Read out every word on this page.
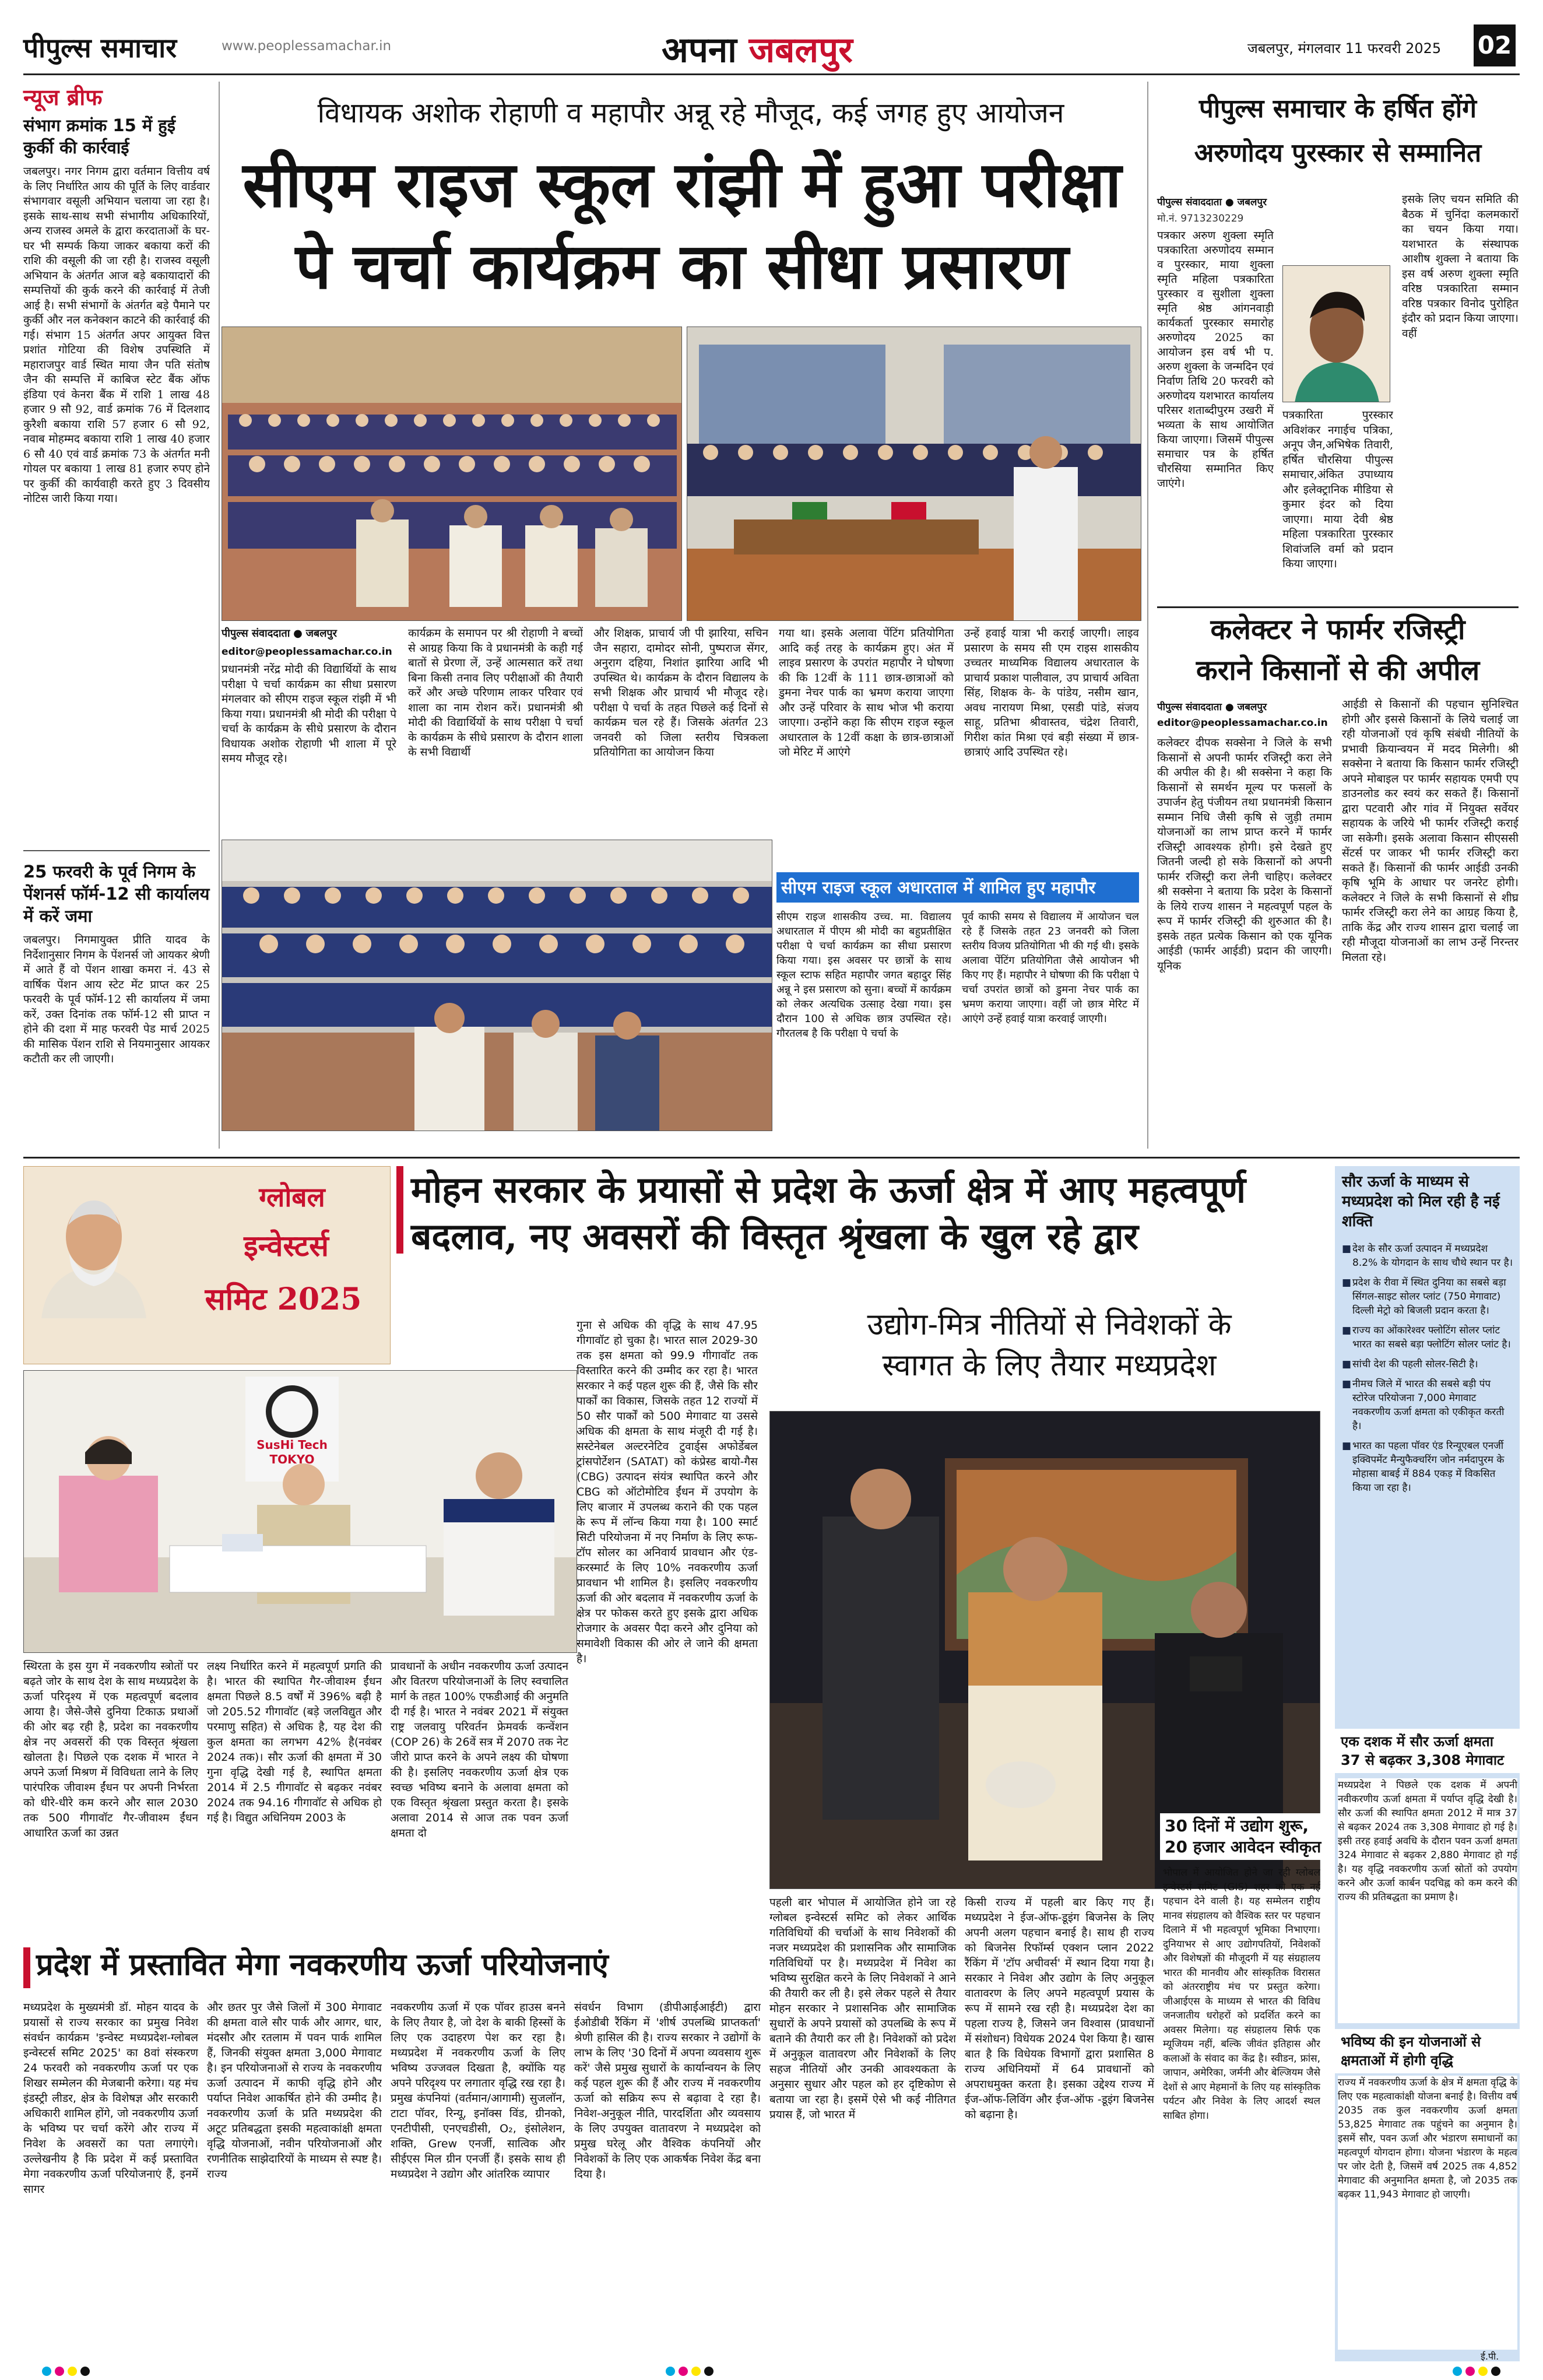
पीपुल्स समाचार	www.peoplessamachar.in	अपना जबलपुर	जबलपुर, मंगलवार 11 फरवरी 2025 02
न्यूज ब्रीफ
संभाग क्रमांक 15 में हुई कुर्की की कार्रवाई
जबलपुर। नगर निगम द्वारा वर्तमान वित्तीय वर्ष के लिए निर्धारित आय की पूर्ति के लिए वार्डवार संभागवार वसूली अभियान चलाया जा रहा है। इसके साथ-साथ सभी संभागीय अधिकारियों, अन्य राजस्व अमले के द्वारा करदाताओं के घर-घर भी सम्पर्क किया जाकर बकाया करों की राशि की वसूली की जा रही है। राजस्व वसूली अभियान के अंतर्गत आज बड़े बकायादारों की सम्पत्तियों की कुर्क करने की कार्रवाई में तेजी आई है। सभी संभागों के अंतर्गत बड़े पैमाने पर कुर्की और नल कनेक्शन काटने की कार्रवाई की गई। संभाग 15 अंतर्गत अपर आयुक्त वित्त प्रशांत गोटिया की विशेष उपस्थिति में महाराजपुर वार्ड स्थित माया जैन पति संतोष जैन की सम्पत्ति में काबिज स्टेट बैंक ऑफ इंडिया एवं केनरा बैंक में राशि 1 लाख 48 हजार 9 सौ 92, वार्ड क्रमांक 76 में दिलशाद कुरैशी बकाया राशि 57 हजार 6 सौ 92, नवाब मोहम्मद बकाया राशि 1 लाख 40 हजार 6 सौ 40 एवं वार्ड क्रमांक 73 के अंतर्गत मनी गोयल पर बकाया 1 लाख 81 हजार रुपए होने पर कुर्की की कार्यवाही करते हुए 3 दिवसीय नोटिस जारी किया गया।
25 फरवरी के पूर्व निगम के पेंशनर्स फॉर्म-12 सी कार्यालय में करें जमा
जबलपुर। निगमायुक्त प्रीति यादव के निर्देशानुसार निगम के पेंशनर्स जो आयकर श्रेणी में आते हैं वो पेंशन शाखा कमरा नं. 43 से वार्षिक पेंशन आय स्टेट मेंट प्राप्त कर 25 फरवरी के पूर्व फॉर्म-12 सी कार्यालय में जमा करें, उक्त दिनांक तक फॉर्म-12 सी प्राप्त न होने की दशा में माह फरवरी पेड मार्च 2025 की मासिक पेंशन राशि से नियमानुसार आयकर कटौती कर ली जाएगी।
विधायक अशोक रोहाणी व महापौर अन्नू रहे मौजूद, कई जगह हुए आयोजन
सीएम राइज स्कूल रांझी में हुआ परीक्षा
पे चर्चा कार्यक्रम का सीधा प्रसारण
पीपुल्स संवाददाता ● जबलपुर
editor@peoplessamachar.co.in
प्रधानमंत्री नरेंद्र मोदी की विद्यार्थियों के साथ परीक्षा पे चर्चा कार्यक्रम का सीधा प्रसारण मंगलवार को सीएम राइज स्कूल रांझी में भी किया गया। प्रधानमंत्री श्री मोदी की परीक्षा पे चर्चा के कार्यक्रम के सीधे प्रसारण के दौरान विधायक अशोक रोहाणी भी शाला में पूरे समय मौजूद रहे।
कार्यक्रम के समापन पर श्री रोहाणी ने बच्चों से आग्रह किया कि वे प्रधानमंत्री के कही गई बातों से प्रेरणा लें, उन्हें आत्मसात करें तथा बिना किसी तनाव लिए परीक्षाओं की तैयारी करें और अच्छे परिणाम लाकर परिवार एवं शाला का नाम रोशन करें। प्रधानमंत्री श्री मोदी की विद्यार्थियों के साथ परीक्षा पे चर्चा के कार्यक्रम के सीधे प्रसारण के दौरान शाला के सभी विद्यार्थी
और शिक्षक, प्राचार्य जी पी झारिया, सचिन जैन सहारा, दामोदर सोनी, पुष्पराज सेंगर, अनुराग दहिया, निशांत झारिया आदि भी उपस्थित थे। कार्यक्रम के दौरान विद्यालय के सभी शिक्षक और प्राचार्य भी मौजूद रहे। परीक्षा पे चर्चा के तहत पिछले कई दिनों से कार्यक्रम चल रहे हैं। जिसके अंतर्गत 23 जनवरी को जिला स्तरीय चित्रकला प्रतियोगिता का आयोजन किया
गया था। इसके अलावा पेंटिंग प्रतियोगिता आदि कई तरह के कार्यक्रम हुए। अंत में लाइव प्रसारण के उपरांत महापौर ने घोषणा की कि 12वीं के 111 छात्र-छात्राओं को डुमना नेचर पार्क का भ्रमण कराया जाएगा और उन्हें परिवार के साथ भोज भी कराया जाएगा। उन्होंने कहा कि सीएम राइज स्कूल अधारताल के 12वीं कक्षा के छात्र-छात्राओं जो मेरिट में आएंगे
उन्हें हवाई यात्रा भी कराई जाएगी। लाइव प्रसारण के समय सी एम राइस शासकीय उच्चतर माध्यमिक विद्यालय अधारताल के प्राचार्य प्रकाश पालीवाल, उप प्राचार्य अविता सिंह, शिक्षक के- के पांडेय, नसीम खान, अवध नारायण मिश्रा, एसडी पांडे, संजय साहू, प्रतिभा श्रीवास्तव, चंद्रेश तिवारी, गिरीश कांत मिश्रा एवं बड़ी संख्या में छात्र-छात्राएं आदि उपस्थित रहे।
सीएम राइज स्कूल अधारताल में शामिल हुए महापौर
सीएम राइज शासकीय उच्च. मा. विद्यालय अधारताल में पीएम श्री मोदी का बहुप्रतीक्षित परीक्षा पे चर्चा कार्यक्रम का सीधा प्रसारण किया गया। इस अवसर पर छात्रों के साथ स्कूल स्टाफ सहित महापौर जगत बहादुर सिंह अन्नू ने इस प्रसारण को सुना। बच्चों में कार्यक्रम को लेकर अत्यधिक उत्साह देखा गया। इस दौरान 100 से अधिक छात्र उपस्थित रहे। गौरतलब है कि परीक्षा पे चर्चा के
पूर्व काफी समय से विद्यालय में आयोजन चल रहे हैं जिसके तहत 23 जनवरी को जिला स्तरीय विजय प्रतियोगिता भी की गई थी। इसके अलावा पेंटिंग प्रतियोगिता जैसे आयोजन भी किए गए हैं। महापौर ने घोषणा की कि परीक्षा पे चर्चा उपरांत छात्रों को डुमना नेचर पार्क का भ्रमण कराया जाएगा। वहीं जो छात्र मेरिट में आएंगे उन्हें हवाई यात्रा करवाई जाएगी।
पीपुल्स समाचार के हर्षित होंगे
अरुणोदय पुरस्कार से सम्मानित
पीपुल्स संवाददाता ● जबलपुर
मो.नं. 9713230229
पत्रकार अरुण शुक्ला स्मृति पत्रकारिता अरुणोदय सम्मान व पुरस्कार, माया शुक्ला स्मृति महिला पत्रकारिता पुरस्कार व सुशीला शुक्ला स्मृति श्रेष्ठ आंगनवाड़ी कार्यकर्ता पुरस्कार समारोह अरुणोदय 2025 का आयोजन इस वर्ष भी प. अरुण शुक्ला के जन्मदिन एवं निर्वाण तिथि 20 फरवरी को अरुणोदय यशभारत कार्यालय परिसर शताब्दीपुरम उखरी में भव्यता के साथ आयोजित किया जाएगा। जिसमें पीपुल्स समाचार पत्र के हर्षित चौरसिया सम्मानित किए जाएंगे।
पत्रकारिता पुरस्कार अविशंकर नगाईच पत्रिका, अनूप जैन,अभिषेक तिवारी, हर्षित चौरसिया पीपुल्स समाचार,अंकित उपाध्याय और इलेक्ट्रानिक मीडिया से कुमार इंदर को दिया जाएगा। माया देवी श्रेष्ठ महिला पत्रकारिता पुरस्कार शिवांजलि वर्मा को प्रदान किया जाएगा।
इसके लिए चयन समिति की बैठक में चुनिंदा कलमकारों का चयन किया गया। यशभारत के संस्थापक आशीष शुक्ला ने बताया कि इस वर्ष अरुण शुक्ला स्मृति वरिष्ठ पत्रकारिता सम्मान वरिष्ठ पत्रकार विनोद पुरोहित इंदौर को प्रदान किया जाएगा। वहीं
कलेक्टर ने फार्मर रजिस्ट्री
कराने किसानों से की अपील
पीपुल्स संवाददाता ● जबलपुर
editor@peoplessamachar.co.in
कलेक्टर दीपक सक्सेना ने जिले के सभी किसानों से अपनी फार्मर रजिस्ट्री करा लेने की अपील की है। श्री सक्सेना ने कहा कि किसानों से समर्थन मूल्य पर फसलों के उपार्जन हेतु पंजीयन तथा प्रधानमंत्री किसान सम्मान निधि जैसी कृषि से जुड़ी तमाम योजनाओं का लाभ प्राप्त करने में फार्मर रजिस्ट्री आवश्यक होगी। इसे देखते हुए जितनी जल्दी हो सके किसानों को अपनी फार्मर रजिस्ट्री करा लेनी चाहिए। कलेक्टर श्री सक्सेना ने बताया कि प्रदेश के किसानों के लिये राज्य शासन ने महत्वपूर्ण पहल के रूप में फार्मर रजिस्ट्री की शुरुआत की है। इसके तहत प्रत्येक किसान को एक यूनिक आईडी (फार्मर आईडी) प्रदान की जाएगी। यूनिक
आईडी से किसानों की पहचान सुनिश्चित होगी और इससे किसानों के लिये चलाई जा रही योजनाओं एवं कृषि संबंधी नीतियों के प्रभावी क्रियान्वयन में मदद मिलेगी। श्री सक्सेना ने बताया कि किसान फार्मर रजिस्ट्री अपने मोबाइल पर फार्मर सहायक एमपी एप डाउनलोड कर स्वयं कर सकते हैं। किसानों द्वारा पटवारी और गांव में नियुक्त सर्वेयर सहायक के जरिये भी फार्मर रजिस्ट्री कराई जा सकेगी। इसके अलावा किसान सीएससी सेंटर्स पर जाकर भी फार्मर रजिस्ट्री करा सकते हैं। किसानों की फार्मर आईडी उनकी कृषि भूमि के आधार पर जनरेट होगी। कलेक्टर ने जिले के सभी किसानों से शीघ्र फार्मर रजिस्ट्री करा लेने का आग्रह किया है, ताकि केंद्र और राज्य शासन द्वारा चलाई जा रही मौजूदा योजनाओं का लाभ उन्हें निरन्तर मिलता रहे।
ग्लोबल
इन्वेस्टर्स
समिट 2025
मोहन सरकार के प्रयासों से प्रदेश के ऊर्जा क्षेत्र में आए महत्वपूर्ण
बदलाव, नए अवसरों की विस्तृत श्रृंखला के खुल रहे द्वार
SusHi Tech
TOKYO
गुना से अधिक की वृद्धि के साथ 47.95 गीगावॉट हो चुका है। भारत साल 2029-30 तक इस क्षमता को 99.9 गीगावॉट तक विस्तारित करने की उम्मीद कर रहा है। भारत सरकार ने कई पहल शुरू की हैं, जैसे कि सौर पार्कों का विकास, जिसके तहत 12 राज्यों में 50 सौर पार्कों को 500 मेगावाट या उससे अधिक की क्षमता के साथ मंजूरी दी गई है। सस्टेनेबल अल्टरनेटिव टुवार्ड्स अफोर्डेबल ट्रांसपोर्टेशन (SATAT) को कंप्रेस्ड बायो-गैस (CBG) उत्पादन संयंत्र स्थापित करने और CBG को ऑटोमोटिव ईंधन में उपयोग के लिए बाजार में उपलब्ध कराने की एक पहल के रूप में लॉन्च किया गया है। 100 स्मार्ट सिटी परियोजना में नए निर्माण के लिए रूफ-टॉप सोलर का अनिवार्य प्रावधान और एंड-करस्मार्ट के लिए 10% नवकरणीय ऊर्जा प्रावधान भी शामिल है। इसलिए नवकरणीय ऊर्जा की ओर बदलाव में नवकरणीय ऊर्जा के क्षेत्र पर फोकस करते हुए इसके द्वारा अधिक रोजगार के अवसर पैदा करने और दुनिया को समावेशी विकास की ओर ले जाने की क्षमता है।
उद्योग-मित्र नीतियों से निवेशकों के
स्वागत के लिए तैयार मध्यप्रदेश
30 दिनों में उद्योग शुरू,
20 हजार आवेदन स्वीकृत
भोपाल में आयोजित होने जा रही ग्लोबल इन्वेस्टर्स समिट (GIS) शहर को एक नई पहचान देने वाली है। यह सम्मेलन राष्ट्रीय मानव संग्रहालय को वैश्विक स्तर पर पहचान दिलाने में भी महत्वपूर्ण भूमिका निभाएगा। दुनियाभर से आए उद्योगपतियों, निवेशकों और विशेषज्ञों की मौजूदगी में यह संग्रहालय भारत की मानवीय और सांस्कृतिक विरासत को अंतरराष्ट्रीय मंच पर प्रस्तुत करेगा। जीआईएस के माध्यम से भारत की विविध जनजातीय धरोहरों को प्रदर्शित करने का अवसर मिलेगा। यह संग्रहालय सिर्फ एक म्यूजियम नहीं, बल्कि जीवंत इतिहास और कलाओं के संवाद का केंद्र है। स्वीडन, फ्रांस, जापान, अमेरिका, जर्मनी और बेल्जियम जैसे देशों से आए मेहमानों के लिए यह सांस्कृतिक पर्यटन और निवेश के लिए आदर्श स्थल साबित होगा।
स्थिरता के इस युग में नवकरणीय स्त्रोतों पर बढ़ते जोर के साथ देश के साथ मध्यप्रदेश के ऊर्जा परिदृश्य में एक महत्वपूर्ण बदलाव आया है। जैसे-जैसे दुनिया टिकाऊ प्रथाओं की ओर बढ़ रही है, प्रदेश का नवकरणीय क्षेत्र नए अवसरों की एक विस्तृत श्रृंखला खोलता है। पिछले एक दशक में भारत ने अपने ऊर्जा मिश्रण में विविधता लाने के लिए पारंपरिक जीवाश्म ईंधन पर अपनी निर्भरता को धीरे-धीरे कम करने और साल 2030 तक 500 गीगावॉट गैर-जीवाश्म ईंधन आधारित ऊर्जा का उन्नत
लक्ष्य निर्धारित करने में महत्वपूर्ण प्रगति की है। भारत की स्थापित गैर-जीवाश्म ईंधन क्षमता पिछले 8.5 वर्षों में 396% बढ़ी है जो 205.52 गीगावॉट (बड़े जलविद्युत और परमाणु सहित) से अधिक है, यह देश की कुल क्षमता का लगभग 42% है(नवंबर 2024 तक)। सौर ऊर्जा की क्षमता में 30 गुना वृद्धि देखी गई है, स्थापित क्षमता 2014 में 2.5 गीगावॉट से बढ़कर नवंबर 2024 तक 94.16 गीगावॉट से अधिक हो गई है। विद्युत अधिनियम 2003 के
प्रावधानों के अधीन नवकरणीय ऊर्जा उत्पादन और वितरण परियोजनाओं के लिए स्वचालित मार्ग के तहत 100% एफडीआई की अनुमति दी गई है। भारत ने नवंबर 2021 में संयुक्त राष्ट्र जलवायु परिवर्तन फ्रेमवर्क कन्वेंशन (COP 26) के 26वें सत्र में 2070 तक नेट जीरो प्राप्त करने के अपने लक्ष्य की घोषणा की है। इसलिए नवकरणीय ऊर्जा क्षेत्र एक स्वच्छ भविष्य बनाने के अलावा क्षमता को एक विस्तृत श्रृंखला प्रस्तुत करता है। इसके अलावा 2014 से आज तक पवन ऊर्जा क्षमता दो
पहली बार भोपाल में आयोजित होने जा रहे ग्लोबल इन्वेस्टर्स समिट को लेकर आर्थिक गतिविधियों की चर्चाओं के साथ निवेशकों की नजर मध्यप्रदेश की प्रशासनिक और सामाजिक गतिविधियों पर है। मध्यप्रदेश में निवेश का भविष्य सुरक्षित करने के लिए निवेशकों ने आने की तैयारी कर ली है। इसे लेकर पहले से तैयार मोहन सरकार ने प्रशासनिक और सामाजिक सुधारों के अपने प्रयासों को उपलब्धि के रूप में बताने की तैयारी कर ली है। निवेशकों को प्रदेश में अनुकूल वातावरण और निवेशकों के लिए सहज नीतियों और उनकी आवश्यकता के अनुसार सुधार और पहल को हर दृष्टिकोण से बताया जा रहा है। इसमें ऐसे भी कई नीतिगत प्रयास हैं, जो भारत में
किसी राज्य में पहली बार किए गए हैं। मध्यप्रदेश ने ईज-ऑफ-डूइंग बिजनेस के लिए अपनी अलग पहचान बनाई है। साथ ही राज्य को बिजनेस रिफॉर्म्स एक्शन प्लान 2022 रैंकिंग में 'टॉप अचीवर्स' में स्थान दिया गया है। सरकार ने निवेश और उद्योग के लिए अनुकूल वातावरण के लिए अपने महत्वपूर्ण प्रयास के रूप में सामने रख रही है। मध्यप्रदेश देश का पहला राज्य है, जिसने जन विश्वास (प्रावधानों में संशोधन) विधेयक 2024 पेश किया है। खास बात है कि विधेयक विभागों द्वारा प्रशासित 8 राज्य अधिनियमों में 64 प्रावधानों को अपराधमुक्त करता है। इसका उद्देश्य राज्य में ईज-ऑफ-लिविंग और ईज-ऑफ -डूइंग बिजनेस को बढ़ाना है।
प्रदेश में प्रस्तावित मेगा नवकरणीय ऊर्जा परियोजनाएं
मध्यप्रदेश के मुख्यमंत्री डॉ. मोहन यादव के प्रयासों से राज्य सरकार का प्रमुख निवेश संवर्धन कार्यक्रम 'इन्वेस्ट मध्यप्रदेश-ग्लोबल इन्वेस्टर्स समिट 2025' का 8वां संस्करण 24 फरवरी को नवकरणीय ऊर्जा पर एक शिखर सम्मेलन की मेजबानी करेगा। यह मंच इंडस्ट्री लीडर, क्षेत्र के विशेषज्ञ और सरकारी अधिकारी शामिल होंगे, जो नवकरणीय ऊर्जा के भविष्य पर चर्चा करेंगे और राज्य में निवेश के अवसरों का पता लगाएंगे। उल्लेखनीय है कि प्रदेश में कई प्रस्तावित मेगा नवकरणीय ऊर्जा परियोजनाएं हैं, इनमें सागर
और छतर पुर जैसे जिलों में 300 मेगावाट की क्षमता वाले सौर पार्क और आगर, धार, मंदसौर और रतलाम में पवन पार्क शामिल हैं, जिनकी संयुक्त क्षमता 3,000 मेगावाट है। इन परियोजनाओं से राज्य के नवकरणीय ऊर्जा उत्पादन में काफी वृद्धि होने और पर्याप्त निवेश आकर्षित होने की उम्मीद है। नवकरणीय ऊर्जा के प्रति मध्यप्रदेश की अटूट प्रतिबद्धता इसकी महत्वाकांक्षी क्षमता वृद्धि योजनाओं, नवीन परियोजनाओं और रणनीतिक साझेदारियों के माध्यम से स्पष्ट है। राज्य
नवकरणीय ऊर्जा में एक पॉवर हाउस बनने के लिए तैयार है, जो देश के बाकी हिस्सों के लिए एक उदाहरण पेश कर रहा है। मध्यप्रदेश में नवकरणीय ऊर्जा के लिए भविष्य उज्जवल दिखता है, क्योंकि यह अपने परिदृश्य पर लगातार वृद्धि रख रहा है। प्रमुख कंपनियां (वर्तमान/आगामी) सुजलॉन, टाटा पॉवर, रिन्यू, इनॉक्स विंड, ग्रीनको, एनटीपीसी, एनएचडीसी, O₂, इंसोलेशन, शक्ति, Grew एनर्जी, सात्विक और सीईएस मिल ग्रीन एनर्जी हैं। इसके साथ ही मध्यप्रदेश ने उद्योग और आंतरिक व्यापार
संवर्धन विभाग (डीपीआईआईटी) द्वारा ईओडीबी रैंकिंग में 'शीर्ष उपलब्धि प्राप्तकर्ता' श्रेणी हासिल की है। राज्य सरकार ने उद्योगों के लाभ के लिए '30 दिनों में अपना व्यवसाय शुरू करें' जैसे प्रमुख सुधारों के कार्यान्वयन के लिए कई पहल शुरू की हैं और राज्य में नवकरणीय ऊर्जा को सक्रिय रूप से बढ़ावा दे रहा है। निवेश-अनुकूल नीति, पारदर्शिता और व्यवसाय के लिए उपयुक्त वातावरण ने मध्यप्रदेश को प्रमुख घरेलू और वैश्विक कंपनियों और निवेशकों के लिए एक आकर्षक निवेश केंद्र बना दिया है।
सौर ऊर्जा के माध्यम से मध्यप्रदेश को मिल रही है नई शक्ति
■ देश के सौर ऊर्जा उत्पादन में मध्यप्रदेश 8.2% के योगदान के साथ चौथे स्थान पर है।
■ प्रदेश के रीवा में स्थित दुनिया का सबसे बड़ा सिंगल-साइट सोलर प्लांट (750 मेगावाट) दिल्ली मेट्रो को बिजली प्रदान करता है।
■ राज्य का ओंकारेश्वर फ्लोटिंग सोलर प्लांट भारत का सबसे बड़ा फ्लोटिंग सोलर प्लांट है।
■ सांची देश की पहली सोलर-सिटी है।
■ नीमच जिले में भारत की सबसे बड़ी पंप स्टोरेज परियोजना 7,000 मेगावाट नवकरणीय ऊर्जा क्षमता को एकीकृत करती है।
■ भारत का पहला पॉवर एंड रिन्यूएबल एनर्जी इक्विपमेंट मैन्युफैक्चरिंग जोन नर्मदापुरम के मोहासा बाबई में 884 एकड़ में विकसित किया जा रहा है।
एक दशक में सौर ऊर्जा क्षमता 37 से बढ़कर 3,308 मेगावाट
मध्यप्रदेश ने पिछले एक दशक में अपनी नवीकरणीय ऊर्जा क्षमता में पर्याप्त वृद्धि देखी है। सौर ऊर्जा की स्थापित क्षमता 2012 में मात्र 37 से बढ़कर 2024 तक 3,308 मेगावाट हो गई है। इसी तरह हवाई अवधि के दौरान पवन ऊर्जा क्षमता 324 मेगावाट से बढ़कर 2,880 मेगावाट हो गई है। यह वृद्धि नवकरणीय ऊर्जा स्रोतों को उपयोग करने और ऊर्जा कार्बन पदचिह्न को कम करने की राज्य की प्रतिबद्धता का प्रमाण है।
भविष्य की इन योजनाओं से क्षमताओं में होगी वृद्धि
राज्य में नवकरणीय ऊर्जा के क्षेत्र में क्षमता वृद्धि के लिए एक महत्वाकांक्षी योजना बनाई है। वित्तीय वर्ष 2035 तक कुल नवकरणीय ऊर्जा क्षमता 53,825 मेगावाट तक पहुंचने का अनुमान है। इसमें सौर, पवन ऊर्जा और भंडारण समाधानों का महत्वपूर्ण योगदान होगा। योजना भंडारण के महत्व पर जोर देती है, जिसमें वर्ष 2025 तक 4,852 मेगावाट की अनुमानित क्षमता है, जो 2035 तक बढ़कर 11,943 मेगावाट हो जाएगी।
ई.पी.
